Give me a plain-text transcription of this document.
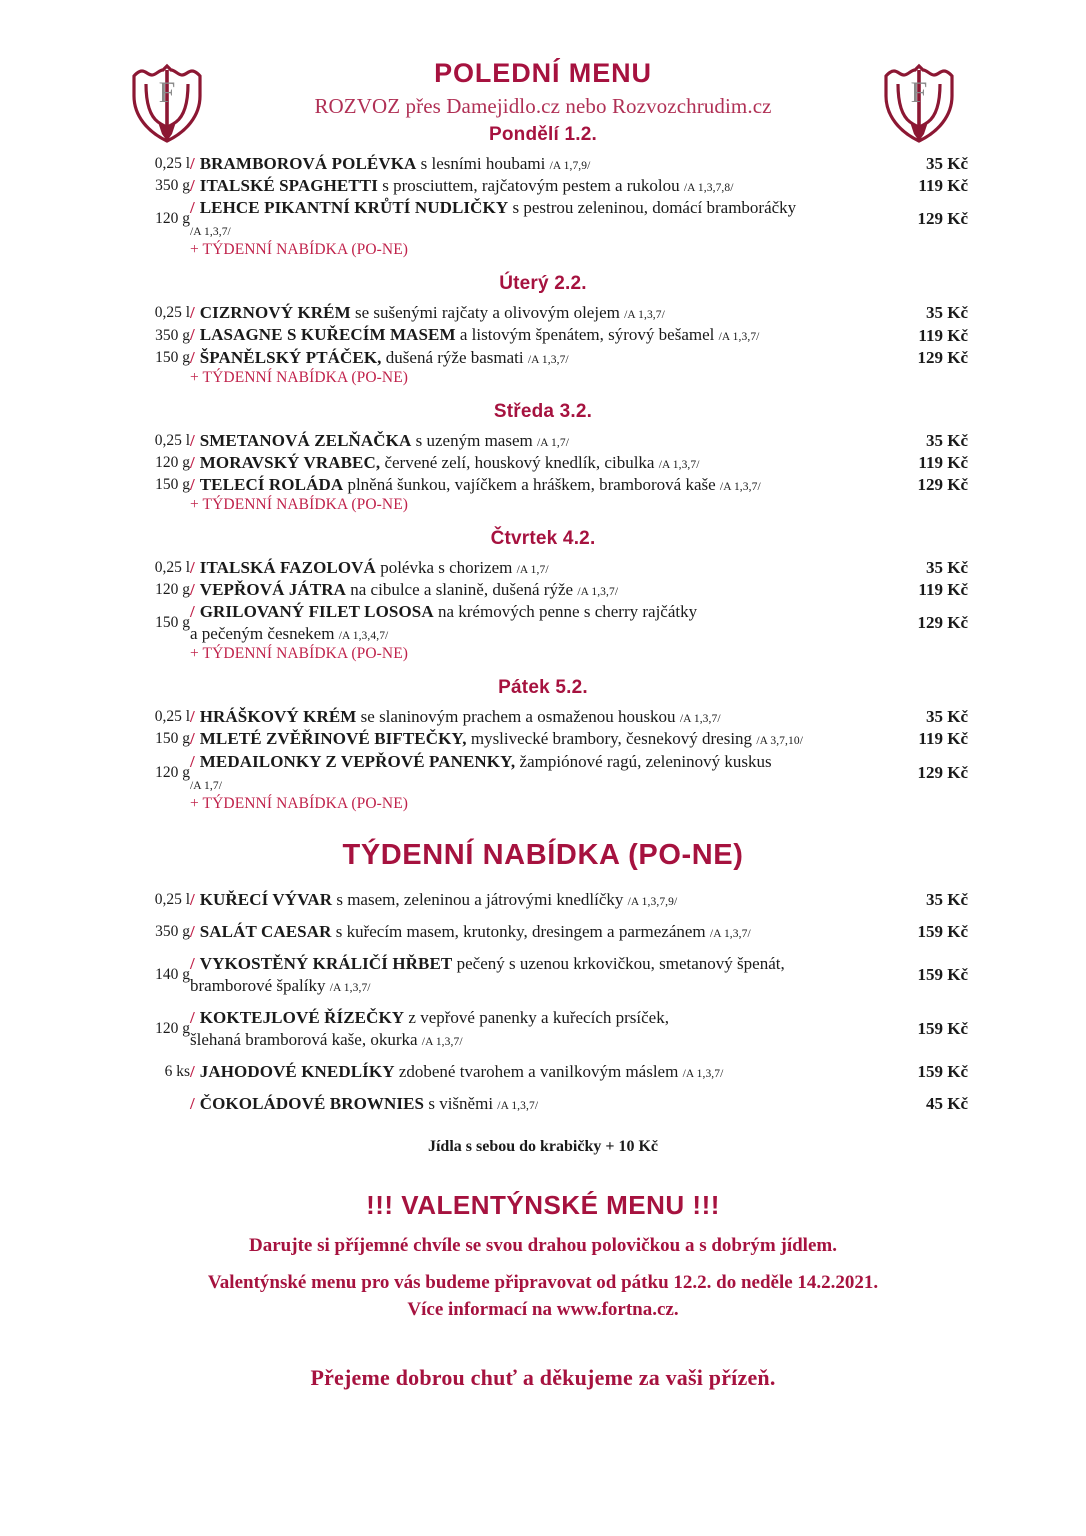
F	F
POLEDNÍ MENU

ROZVOZ přes Damejidlo.cz nebo Rozvozchrudim.cz

Pondělí 1.2.
0,25 l	/ BRAMBOROVÁ POLÉVKA s lesními houbami /A 1,7,9/	35 Kč
350 g	/ ITALSKÉ SPAGHETTI s prosciuttem, rajčatovým pestem a rukolou /A 1,3,7,8/	119 Kč
120 g	/ LEHCE PIKANTNÍ KRŮTÍ NUDLIČKY s pestrou zeleninou, domácí bramboráčky
/A 1,3,7/	129 Kč
	+ TÝDENNÍ NABÍDKA (PO-NE)	
Úterý 2.2.
0,25 l	/ CIZRNOVÝ KRÉM se sušenými rajčaty a olivovým olejem /A 1,3,7/	35 Kč
350 g	/ LASAGNE S KUŘECÍM MASEM a listovým špenátem, sýrový bešamel /A 1,3,7/	119 Kč
150 g	/ ŠPANĚLSKÝ PTÁČEK, dušená rýže basmati /A 1,3,7/	129 Kč
	+ TÝDENNÍ NABÍDKA (PO-NE)	
Středa 3.2.
0,25 l	/ SMETANOVÁ ZELŇAČKA s uzeným masem /A 1,7/	35 Kč
120 g	/ MORAVSKÝ VRABEC, červené zelí, houskový knedlík, cibulka /A 1,3,7/	119 Kč
150 g	/ TELECÍ ROLÁDA plněná šunkou, vajíčkem a hráškem, bramborová kaše /A 1,3,7/	129 Kč
	+ TÝDENNÍ NABÍDKA (PO-NE)	
Čtvrtek 4.2.
0,25 l	/ ITALSKÁ FAZOLOVÁ polévka s chorizem /A 1,7/	35 Kč
120 g	/ VEPŘOVÁ JÁTRA na cibulce a slanině, dušená rýže /A 1,3,7/	119 Kč
150 g	/ GRILOVANÝ FILET LOSOSA na krémových penne s cherry rajčátky
a pečeným česnekem /A 1,3,4,7/	129 Kč
	+ TÝDENNÍ NABÍDKA (PO-NE)	
Pátek 5.2.
0,25 l	/ HRÁŠKOVÝ KRÉM se slaninovým prachem a osmaženou houskou /A 1,3,7/	35 Kč
150 g	/ MLETÉ ZVĚŘINOVÉ BIFTEČKY, myslivecké brambory, česnekový dresing /A 3,7,10/	119 Kč
120 g	/ MEDAILONKY Z VEPŘOVÉ PANENKY, žampiónové ragú, zeleninový kuskus
/A 1,7/	129 Kč
	+ TÝDENNÍ NABÍDKA (PO-NE)	
TÝDENNÍ NABÍDKA (PO-NE)
0,25 l	/ KUŘECÍ VÝVAR s masem, zeleninou a játrovými knedlíčky /A 1,3,7,9/	35 Kč
350 g	/ SALÁT CAESAR s kuřecím masem, krutonky, dresingem a parmezánem /A 1,3,7/	159 Kč
140 g	/ VYKOSTĚNÝ KRÁLIČÍ HŘBET pečený s uzenou krkovičkou, smetanový špenát,
bramborové špalíky /A 1,3,7/	159 Kč
120 g	/ KOKTEJLOVÉ ŘÍZEČKY z vepřové panenky a kuřecích prsíček,
šlehaná bramborová kaše, okurka /A 1,3,7/	159 Kč
6 ks	/ JAHODOVÉ KNEDLÍKY zdobené tvarohem a vanilkovým máslem /A 1,3,7/	159 Kč
	/ ČOKOLÁDOVÉ BROWNIES s višněmi /A 1,3,7/	45 Kč
Jídla s sebou do krabičky + 10 Kč

!!! VALENTÝNSKÉ MENU !!!

Darujte si příjemné chvíle se svou drahou polovičkou a s dobrým jídlem.

Valentýnské menu pro vás budeme připravovat od pátku 12.2. do neděle 14.2.2021.

Více informací na www.fortna.cz.

Přejeme dobrou chuť a děkujeme za vaši přízeň.
